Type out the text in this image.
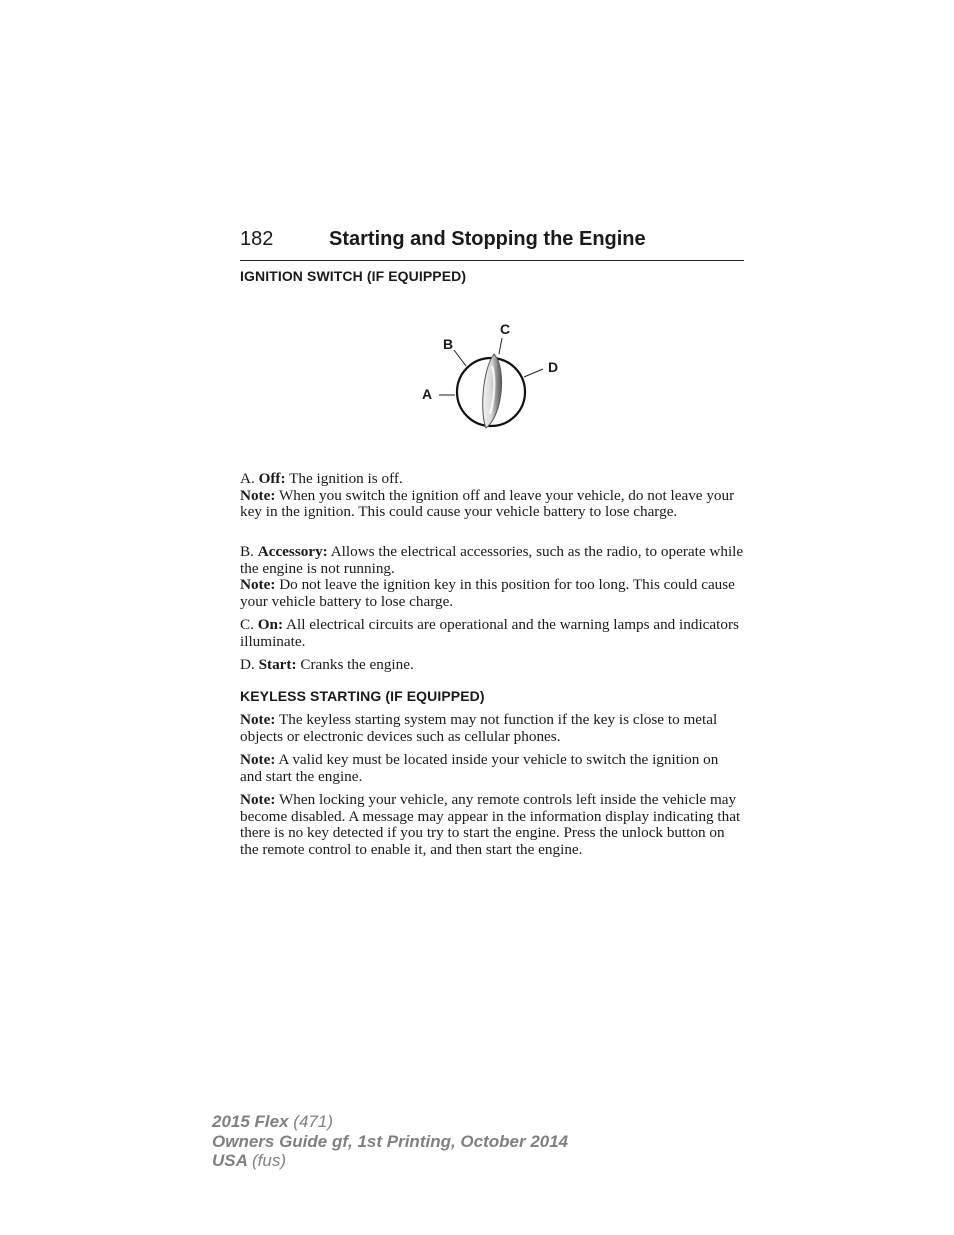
182	Starting and Stopping the Engine
IGNITION SWITCH (IF EQUIPPED)
A
B
C
D

A. Off: The ignition is off.

Note: When you switch the ignition off and leave your vehicle, do not leave your key in the ignition. This could cause your vehicle battery to lose charge.

B. Accessory: Allows the electrical accessories, such as the radio, to operate while the engine is not running.

Note: Do not leave the ignition key in this position for too long. This could cause your vehicle battery to lose charge.

C. On: All electrical circuits are operational and the warning lamps and indicators illuminate.

D. Start: Cranks the engine.

KEYLESS STARTING (IF EQUIPPED)

Note: The keyless starting system may not function if the key is close to metal objects or electronic devices such as cellular phones.

Note: A valid key must be located inside your vehicle to switch the ignition on and start the engine.

Note: When locking your vehicle, any remote controls left inside the vehicle may become disabled. A message may appear in the information display indicating that there is no key detected if you try to start the engine. Press the unlock button on the remote control to enable it, and then start the engine.

2015 Flex (471)
Owners Guide gf, 1st Printing, October 2014
USA (fus)
